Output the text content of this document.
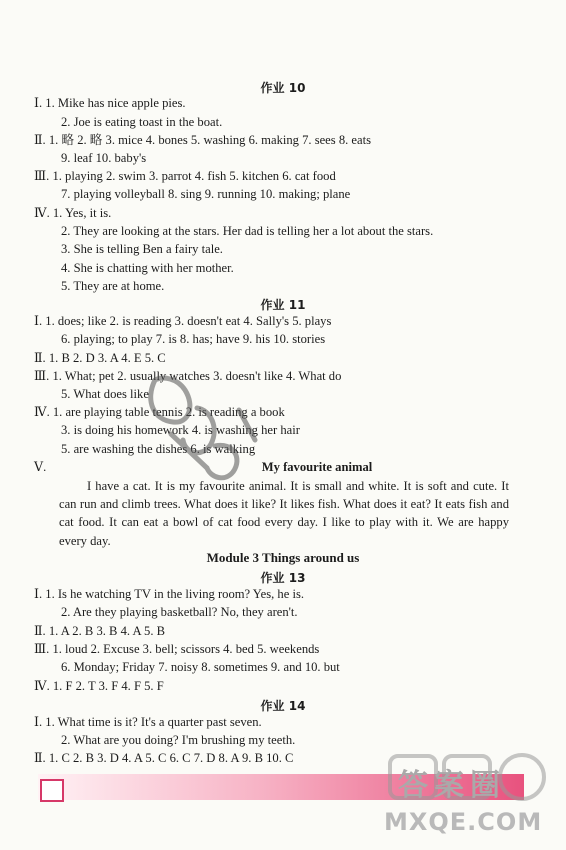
作业 10
Ⅰ. 1. Mike has nice apple pies.
2. Joe is eating toast in the boat.
Ⅱ. 1. 略 2. 略 3. mice 4. bones 5. washing 6. making 7. sees 8. eats
9. leaf 10. baby's
Ⅲ. 1. playing 2. swim 3. parrot 4. fish 5. kitchen 6. cat food
7. playing volleyball 8. sing 9. running 10. making; plane
Ⅳ. 1. Yes, it is.
2. They are looking at the stars. Her dad is telling her a lot about the stars.
3. She is telling Ben a fairy tale.
4. She is chatting with her mother.
5. They are at home.
作业 11
Ⅰ. 1. does; like 2. is reading 3. doesn't eat 4. Sally's 5. plays
6. playing; to play 7. is 8. has; have 9. his 10. stories
Ⅱ. 1. B 2. D 3. A 4. E 5. C
Ⅲ. 1. What; pet 2. usually watches 3. doesn't like 4. What do
5. What does like
Ⅳ. 1. are playing table tennis 2. is reading a book
3. is doing his homework 4. is washing her hair
5. are washing the dishes 6. is walking
Ⅴ.	My favourite animal
I have a cat. It is my favourite animal. It is small and white. It is soft and cute. It can run and climb trees. What does it like? It likes fish. What does it eat? It eats fish and cat food. It can eat a bowl of cat food every day. I like to play with it. We are happy every day.
Module 3 Things around us
作业 13
Ⅰ. 1. Is he watching TV in the living room? Yes, he is.
2. Are they playing basketball? No, they aren't.
Ⅱ. 1. A 2. B 3. B 4. A 5. B
Ⅲ. 1. loud 2. Excuse 3. bell; scissors 4. bed 5. weekends
6. Monday; Friday 7. noisy 8. sometimes 9. and 10. but
Ⅳ. 1. F 2. T 3. F 4. F 5. F
作业 14
Ⅰ. 1. What time is it? It's a quarter past seven.
2. What are you doing? I'm brushing my teeth.
Ⅱ. 1. C 2. B 3. D 4. A 5. C 6. C 7. D 8. A 9. B 10. C
答案圈
MXQE.COM
